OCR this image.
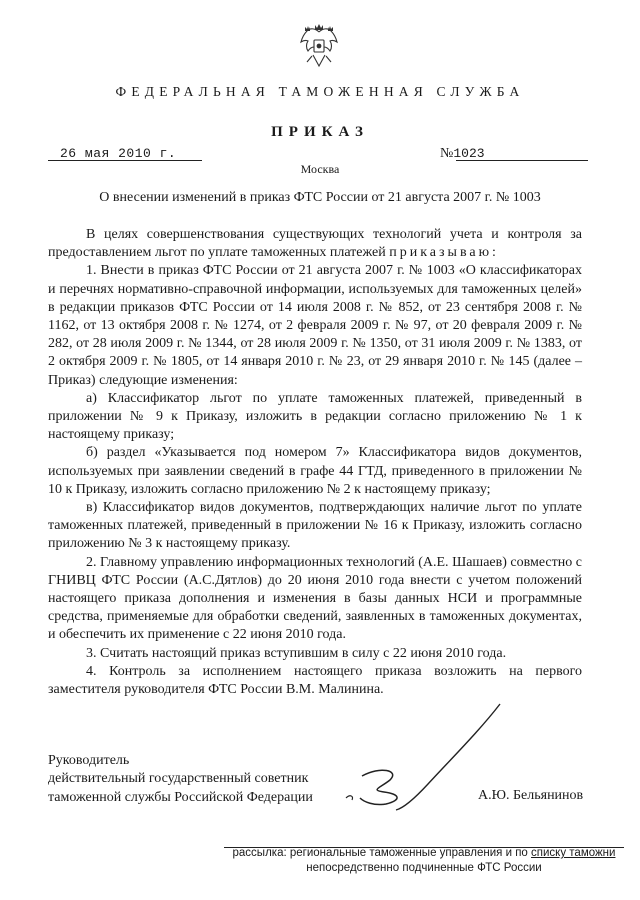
ФЕДЕРАЛЬНАЯ ТАМОЖЕННАЯ СЛУЖБА
ПРИКАЗ
26 мая 2010 г.	№1023
Москва
О внесении изменений в приказ ФТС России от 21 августа 2007 г. № 1003

В целях совершенствования существующих технологий учета и контроля за предоставлением льгот по уплате таможенных платежей приказываю:

1. Внести в приказ ФТС России от 21 августа 2007 г. № 1003 «О классификаторах и перечнях нормативно-справочной информации, используемых для таможенных целей» в редакции приказов ФТС России от 14 июля 2008 г. № 852, от 23 сентября 2008 г. № 1162, от 13 октября 2008 г. № 1274, от 2 февраля 2009 г. № 97, от 20 февраля 2009 г. № 282, от 28 июля 2009 г. № 1344, от 28 июля 2009 г. № 1350, от 31 июля 2009 г. № 1383, от 2 октября 2009 г. № 1805, от 14 января 2010 г. № 23, от 29 января 2010 г. № 145 (далее – Приказ) следующие изменения:

а) Классификатор льгот по уплате таможенных платежей, приведенный в приложении № 9 к Приказу, изложить в редакции согласно приложению № 1 к настоящему приказу;

б) раздел «Указывается под номером 7» Классификатора видов документов, используемых при заявлении сведений в графе 44 ГТД, приведенного в приложении № 10 к Приказу, изложить согласно приложению № 2 к настоящему приказу;

в) Классификатор видов документов, подтверждающих наличие льгот по уплате таможенных платежей, приведенный в приложении № 16 к Приказу, изложить согласно приложению № 3 к настоящему приказу.

2. Главному управлению информационных технологий (А.Е. Шашаев) совместно с ГНИВЦ ФТС России (А.С.Дятлов) до 20 июня 2010 года внести с учетом положений настоящего приказа дополнения и изменения в базы данных НСИ и программные средства, применяемые для обработки сведений, заявленных в таможенных документах, и обеспечить их применение с 22 июня 2010 года.

3. Считать настоящий приказ вступившим в силу с 22 июня 2010 года.

4. Контроль за исполнением настоящего приказа возложить на первого заместителя руководителя ФТС России В.М. Малинина.

Руководитель
действительный государственный советник
таможенной службы Российской Федерации	А.Ю. Бельянинов
рассылка: региональные таможенные управления и по списку таможни
непосредственно подчиненные ФТС России
